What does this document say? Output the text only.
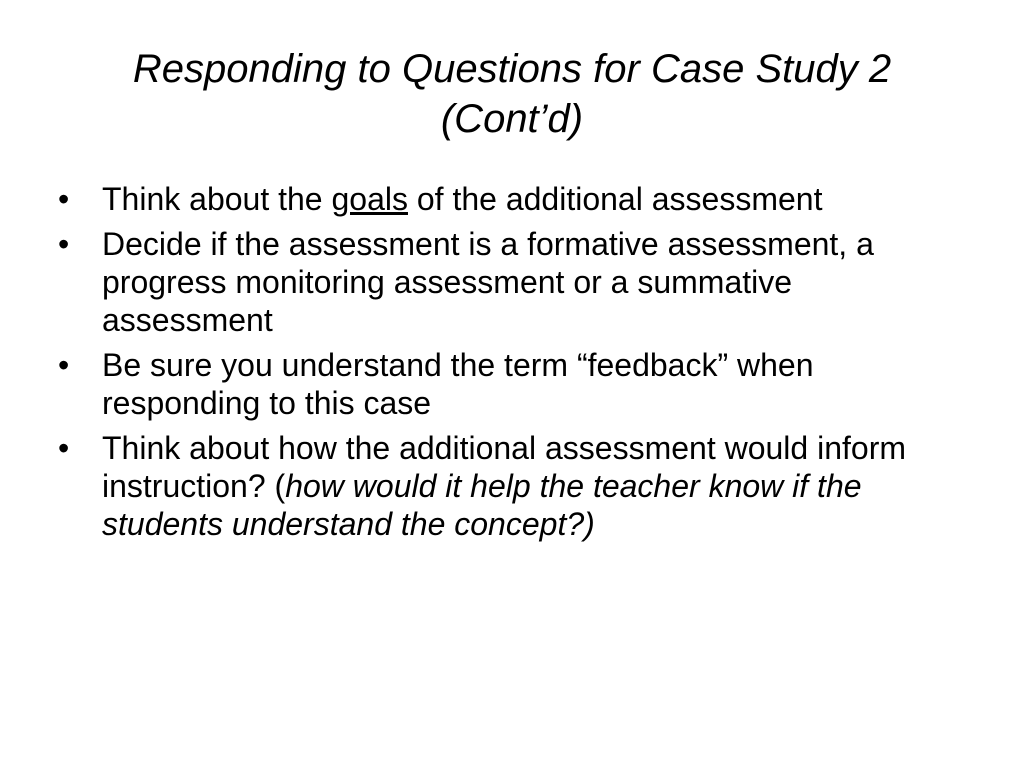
Responding to Questions for Case Study 2
(Cont’d)
•	Think about the goals of the additional assessment
•	Decide if the assessment is a formative assessment, a progress monitoring assessment or a summative assessment
•	Be sure you understand the term “feedback” when responding to this case
•	Think about how the additional assessment would inform instruction? (how would it help the teacher know if the students understand the concept?)
